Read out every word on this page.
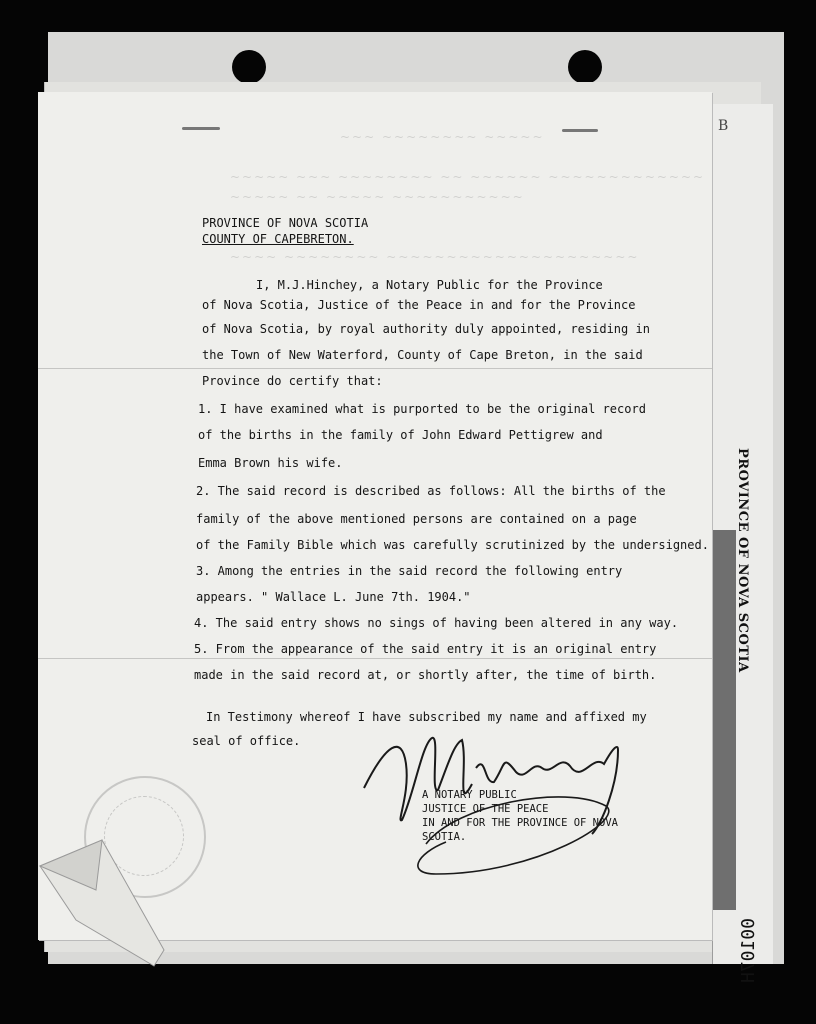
~~~ ~~~~~~~~ ~~~~~
~~~~~ ~~~ ~~~~~~~~ ~~ ~~~~~~ ~~~~~~~~~~~~~
~~~~~ ~~ ~~~~~ ~~~~~~~~~~~
~~~~ ~~~~~~~~ ~~~~~~~~~~~~~~~~~~~~~
B
PROVINCE OF NOVA SCOTIA
COUNTY OF CAPEBRETON.
I, M.J.Hinchey, a Notary Public for the Province
of Nova Scotia, Justice of the Peace in and for the Province
of Nova Scotia, by royal authority duly appointed, residing in
the Town of New Waterford, County of Cape Breton, in the said
Province do certify that:
1. I have examined what is purported to be the original record
of the births in the family of John Edward Pettigrew and
Emma Brown his wife.
2. The said record is described as follows: All the births of the
family of the above mentioned persons are contained on a page
of the Family Bible which was carefully scrutinized by the undersigned.
3. Among the entries in the said record the following entry
appears. " Wallace L. June 7th. 1904."
4. The said entry shows no sings of having been altered in any way.
5. From the appearance of the said entry it is an original entry
made in the said record at, or shortly after, the time of birth.
In Testimony whereof I have subscribed my name and affixed my
seal of office.
A NOTARY PUBLIC
JUSTICE OF THE PEACE
IN AND FOR THE PROVINCE OF NOVA
SCOTIA.
PROVINCE OF NOVA SCOTIA
00107H
